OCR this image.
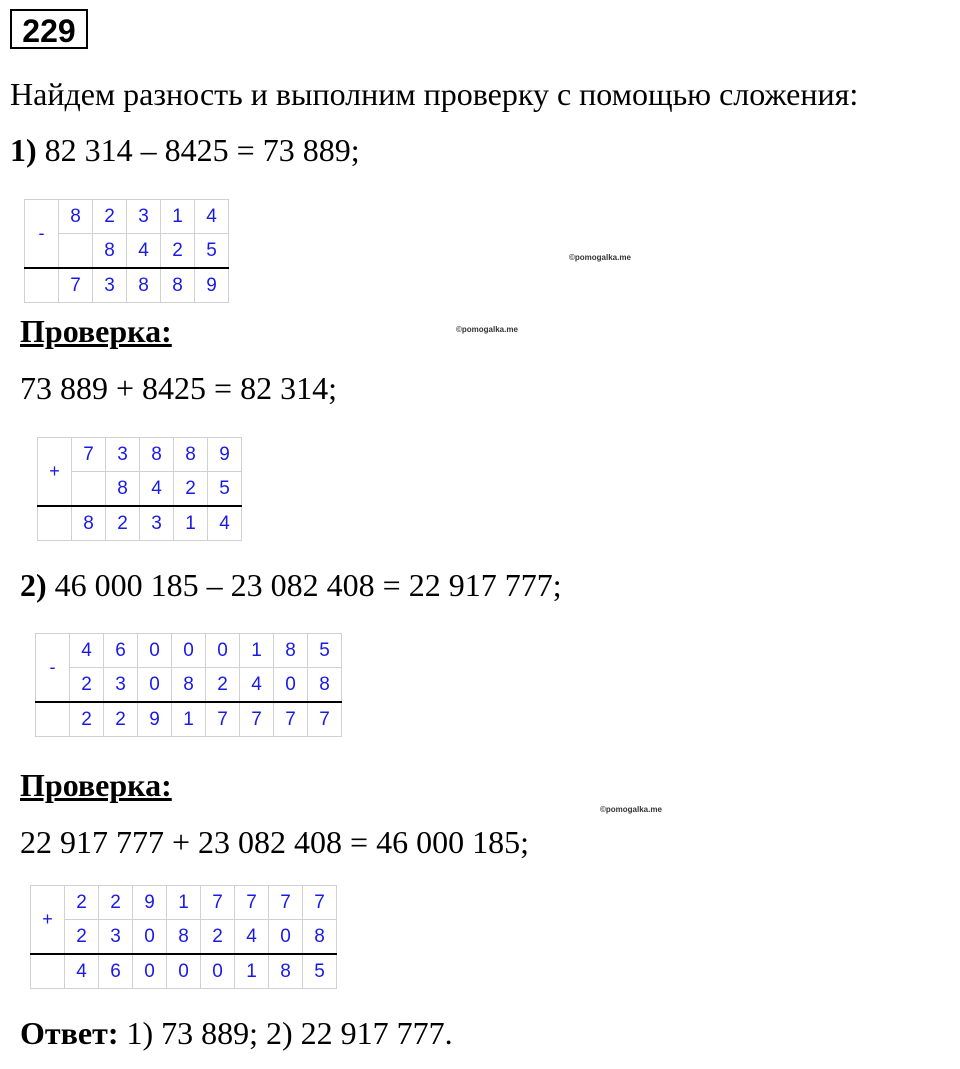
229
Найдем разность и выполним проверку с помощью сложения:
1) 82 314 – 8425 = 73 889;
-	8	2	3	1	4
		8	4	2	5
	7	3	8	8	9
©pomogalka.me
Проверка:	©pomogalka.me
73 889 + 8425 = 82 314;
+	7	3	8	8	9
		8	4	2	5
	8	2	3	1	4
2) 46 000 185 – 23 082 408 = 22 917 777;
-	4	6	0	0	0	1	8	5
	2	3	0	8	2	4	0	8
	2	2	9	1	7	7	7	7
Проверка:
©pomogalka.me
22 917 777 + 23 082 408 = 46 000 185;
+	2	2	9	1	7	7	7	7
	2	3	0	8	2	4	0	8
	4	6	0	0	0	1	8	5
Ответ: 1) 73 889; 2) 22 917 777.
